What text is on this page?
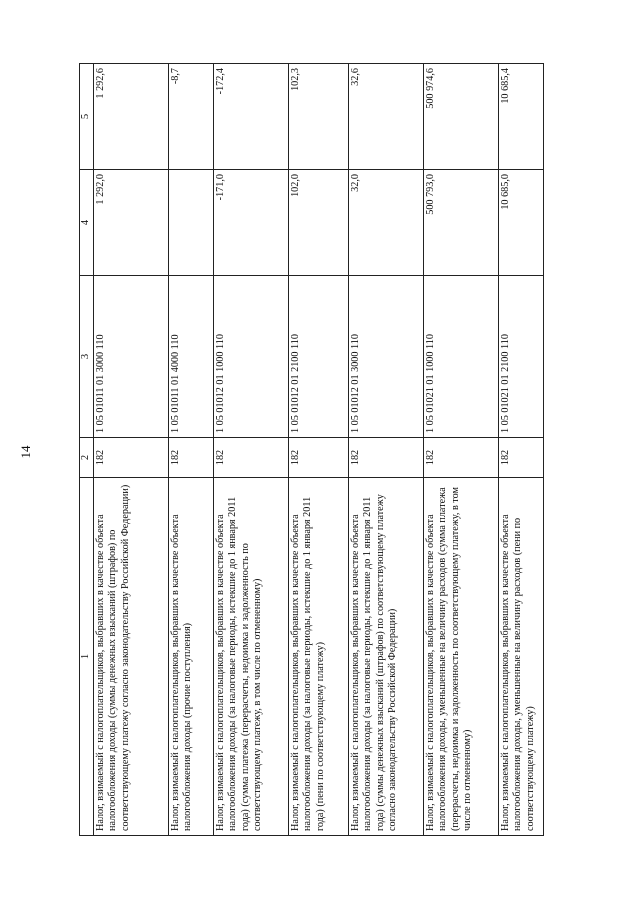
14
1	2	3	4	5
Налог, взимаемый с налогоплательщиков, выбравших в качестве объекта налогообложения доходы (суммы денежных взысканий (штрафов) по соответствующему платежу согласно законодательству Российской Федерации)	182	1 05 01011 01 3000 110	1 292,0	1 292,6
Налог, взимаемый с налогоплательщиков, выбравших в качестве объекта налогообложения доходы (прочие поступления)	182	1 05 01011 01 4000 110		-8,7
Налог, взимаемый с налогоплательщиков, выбравших в качестве объекта налогообложения доходы (за налоговые периоды, истекшие до 1 января 2011 года) (сумма платежа (перерасчеты, недоимка и задолженность по соответствующему платежу, в том числе по отмененному)	182	1 05 01012 01 1000 110	-171,0	-172,4
Налог, взимаемый с налогоплательщиков, выбравших в качестве объекта налогообложения доходы (за налоговые периоды, истекшие до 1 января 2011 года) (пени по соответствующему платежу)	182	1 05 01012 01 2100 110	102,0	102,3
Налог, взимаемый с налогоплательщиков, выбравших в качестве объекта налогообложения доходы (за налоговые периоды, истекшие до 1 января 2011 года) (суммы денежных взысканий (штрафов) по соответствующему платежу согласно законодательству Российской Федерации)	182	1 05 01012 01 3000 110	32,0	32,6
Налог, взимаемый с налогоплательщиков, выбравших в качестве объекта налогообложения доходы, уменьшенные на величину расходов (сумма платежа (перерасчеты, недоимка и задолженность по соответствующему платежу, в том числе по отмененному)	182	1 05 01021 01 1000 110	500 793,0	500 974,6
Налог, взимаемый с налогоплательщиков, выбравших в качестве объекта налогообложения доходы, уменьшенные на величину расходов (пени по соответствующему платежу)	182	1 05 01021 01 2100 110	10 685,0	10 685,4
